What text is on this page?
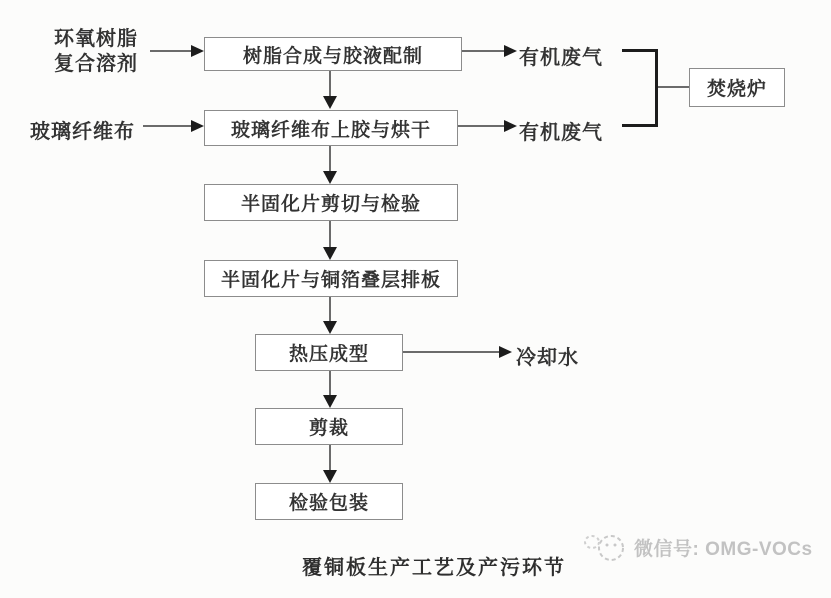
环氧树脂
复合溶剂
玻璃纤维布
树脂合成与胶液配制
玻璃纤维布上胶与烘干
半固化片剪切与检验
半固化片与铜箔叠层排板
热压成型
剪裁
检验包装
焚烧炉
有机废气
有机废气
冷却水
覆铜板生产工艺及产污环节
微信号: OMG-VOCs
